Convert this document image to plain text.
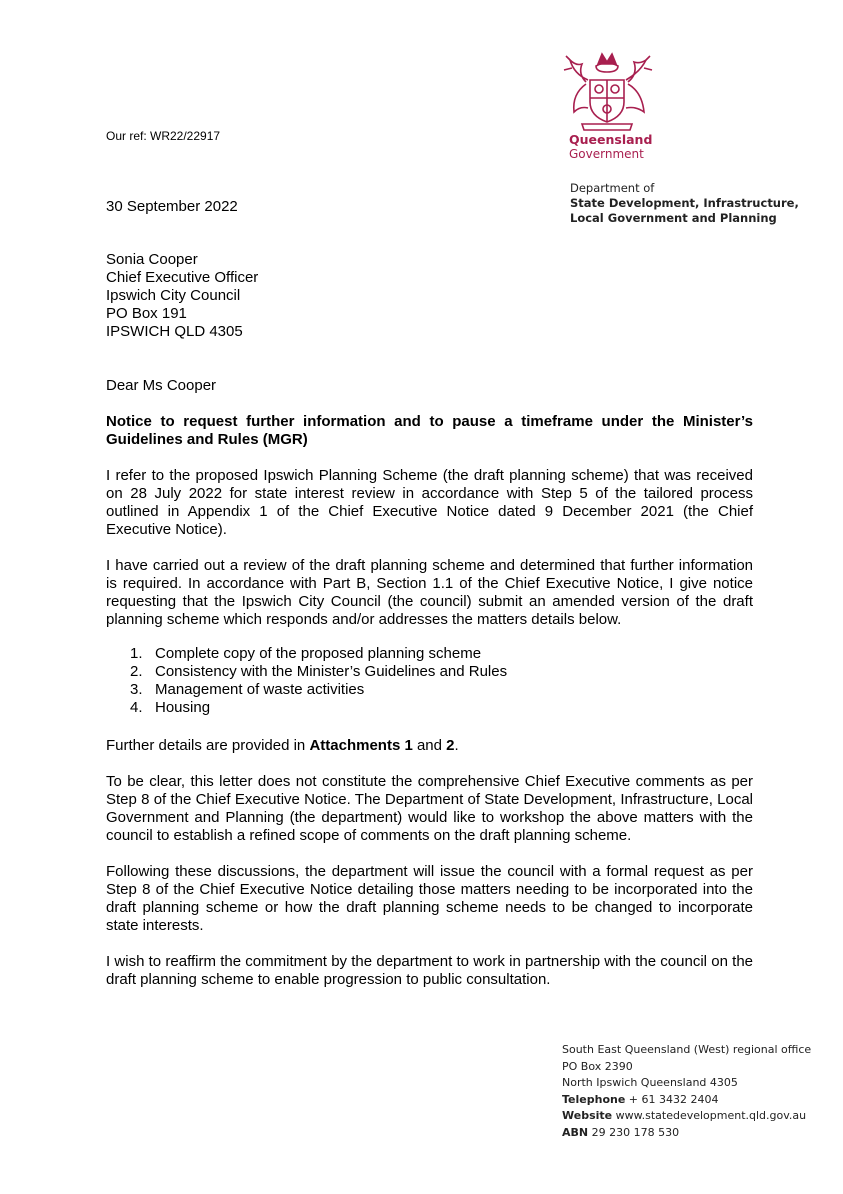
Our ref: WR22/22917	Queensland
Government
Department of
State Development, Infrastructure,
Local Government and Planning
30 September 2022
Sonia Cooper
Chief Executive Officer
Ipswich City Council
PO Box 191
IPSWICH QLD 4305
Dear Ms Cooper
Notice to request further information and to pause a timeframe under the Minister’s Guidelines and Rules (MGR)
I refer to the proposed Ipswich Planning Scheme (the draft planning scheme) that was received on 28 July 2022 for state interest review in accordance with Step 5 of the tailored process outlined in Appendix 1 of the Chief Executive Notice dated 9 December 2021 (the Chief Executive Notice).
I have carried out a review of the draft planning scheme and determined that further information is required. In accordance with Part B, Section 1.1 of the Chief Executive Notice, I give notice requesting that the Ipswich City Council (the council) submit an amended version of the draft planning scheme which responds and/or addresses the matters details below.
1. Complete copy of the proposed planning scheme
2. Consistency with the Minister’s Guidelines and Rules
3. Management of waste activities
4. Housing
Further details are provided in Attachments 1 and 2.
To be clear, this letter does not constitute the comprehensive Chief Executive comments as per Step 8 of the Chief Executive Notice. The Department of State Development, Infrastructure, Local Government and Planning (the department) would like to workshop the above matters with the council to establish a refined scope of comments on the draft planning scheme.
Following these discussions, the department will issue the council with a formal request as per Step 8 of the Chief Executive Notice detailing those matters needing to be incorporated into the draft planning scheme or how the draft planning scheme needs to be changed to incorporate state interests.
I wish to reaffirm the commitment by the department to work in partnership with the council on the draft planning scheme to enable progression to public consultation.
South East Queensland (West) regional office
PO Box 2390
North Ipswich Queensland 4305
Telephone + 61 3432 2404
Website www.statedevelopment.qld.gov.au
ABN 29 230 178 530
